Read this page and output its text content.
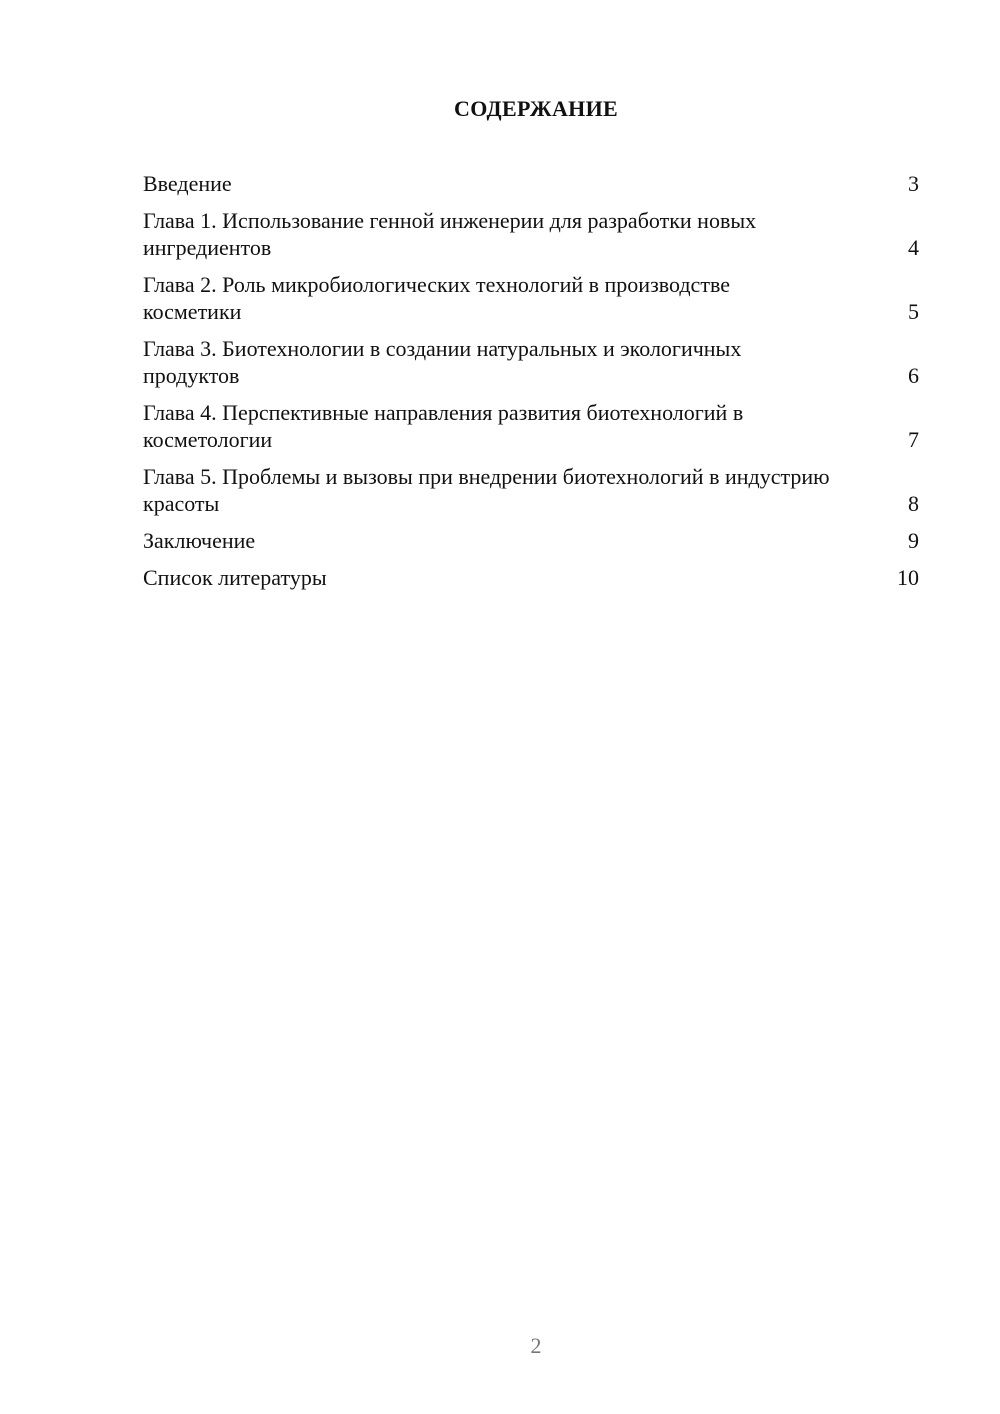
СОДЕРЖАНИЕ
Введение	3
Глава 1. Использование генной инженерии для разработки новых ингредиентов	4
Глава 2. Роль микробиологических технологий в производстве косметики	5
Глава 3. Биотехнологии в создании натуральных и экологичных продуктов	6
Глава 4. Перспективные направления развития биотехнологий в косметологии	7
Глава 5. Проблемы и вызовы при внедрении биотехнологий в индустрию красоты	8
Заключение	9
Список литературы	10
2
